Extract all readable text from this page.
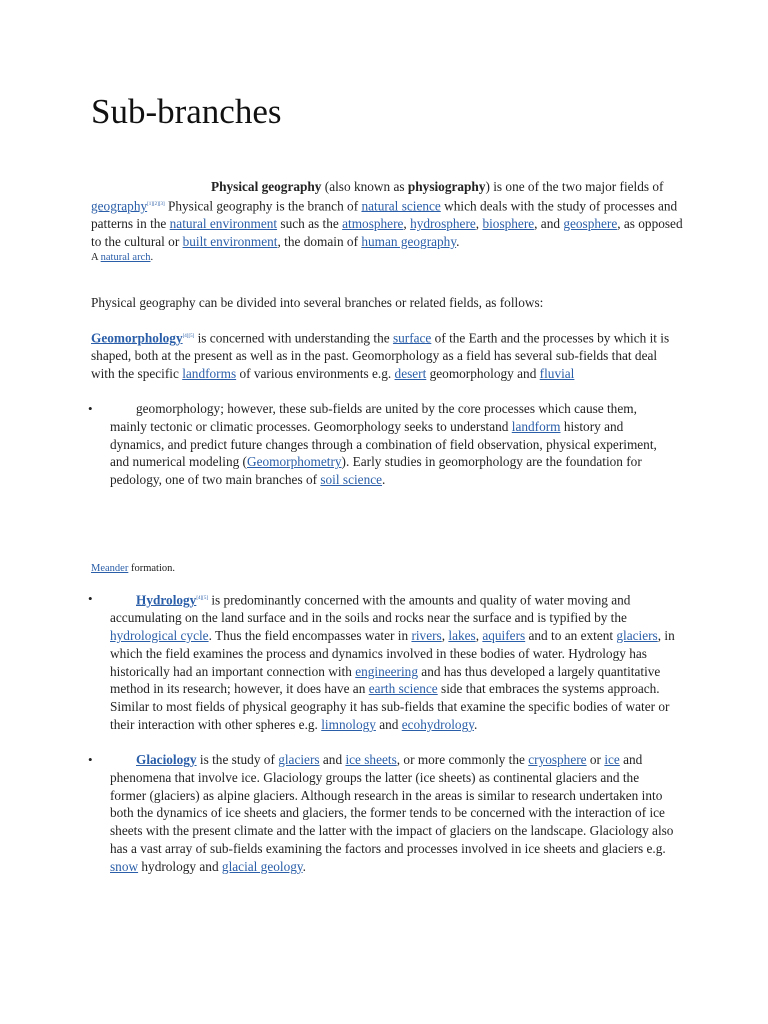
Sub-branches

Physical geography (also known as physiography) is one of the two major fields of geography[1][2][3] Physical geography is the branch of natural science which deals with the study of processes and patterns in the natural environment such as the atmosphere, hydrosphere, biosphere, and geosphere, as opposed to the cultural or built environment, the domain of human geography.

A natural arch.

Physical geography can be divided into several branches or related fields, as follows:

Geomorphology[4][5] is concerned with understanding the surface of the Earth and the processes by which it is shaped, both at the present as well as in the past. Geomorphology as a field has several sub-fields that deal with the specific landforms of various environments e.g. desert geomorphology and fluvial

•	geomorphology; however, these sub-fields are united by the core processes which cause them, mainly tectonic or climatic processes. Geomorphology seeks to understand landform history and dynamics, and predict future changes through a combination of field observation, physical experiment, and numerical modeling (Geomorphometry). Early studies in geomorphology are the foundation for pedology, one of two main branches of soil science.

Meander formation.

•	Hydrology[4][5] is predominantly concerned with the amounts and quality of water moving and accumulating on the land surface and in the soils and rocks near the surface and is typified by the hydrological cycle. Thus the field encompasses water in rivers, lakes, aquifers and to an extent glaciers, in which the field examines the process and dynamics involved in these bodies of water. Hydrology has historically had an important connection with engineering and has thus developed a largely quantitative method in its research; however, it does have an earth science side that embraces the systems approach. Similar to most fields of physical geography it has sub-fields that examine the specific bodies of water or their interaction with other spheres e.g. limnology and ecohydrology.

•	Glaciology is the study of glaciers and ice sheets, or more commonly the cryosphere or ice and phenomena that involve ice. Glaciology groups the latter (ice sheets) as continental glaciers and the former (glaciers) as alpine glaciers. Although research in the areas is similar to research undertaken into both the dynamics of ice sheets and glaciers, the former tends to be concerned with the interaction of ice sheets with the present climate and the latter with the impact of glaciers on the landscape. Glaciology also has a vast array of sub-fields examining the factors and processes involved in ice sheets and glaciers e.g. snow hydrology and glacial geology.
